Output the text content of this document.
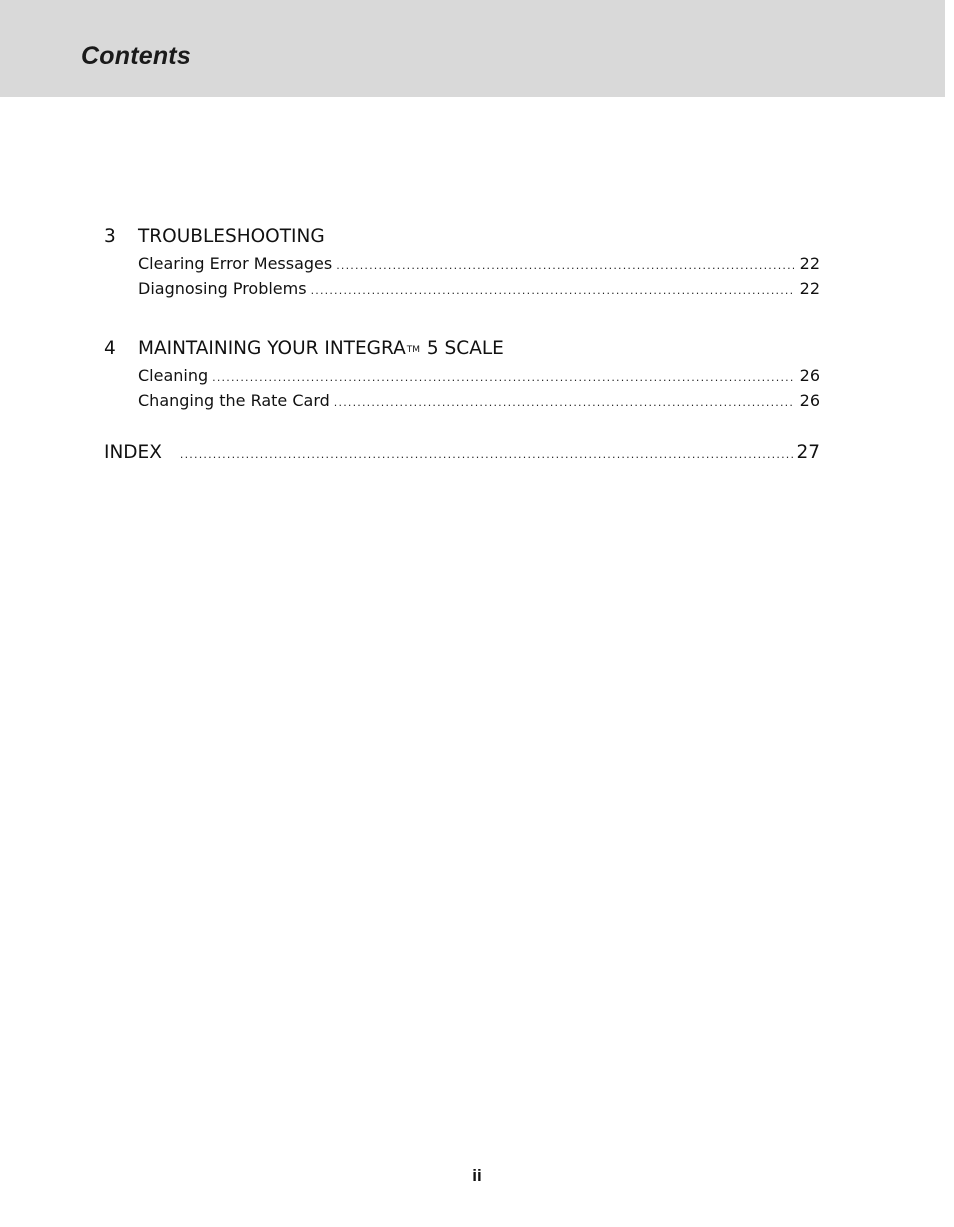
Contents
3	TROUBLESHOOTING
Clearing Error Messages .....	22
Diagnosing Problems .....	22
4	MAINTAINING YOUR INTEGRATM 5 SCALE
Cleaning .....	26
Changing the Rate Card .....	26
INDEX .....	27
ii
